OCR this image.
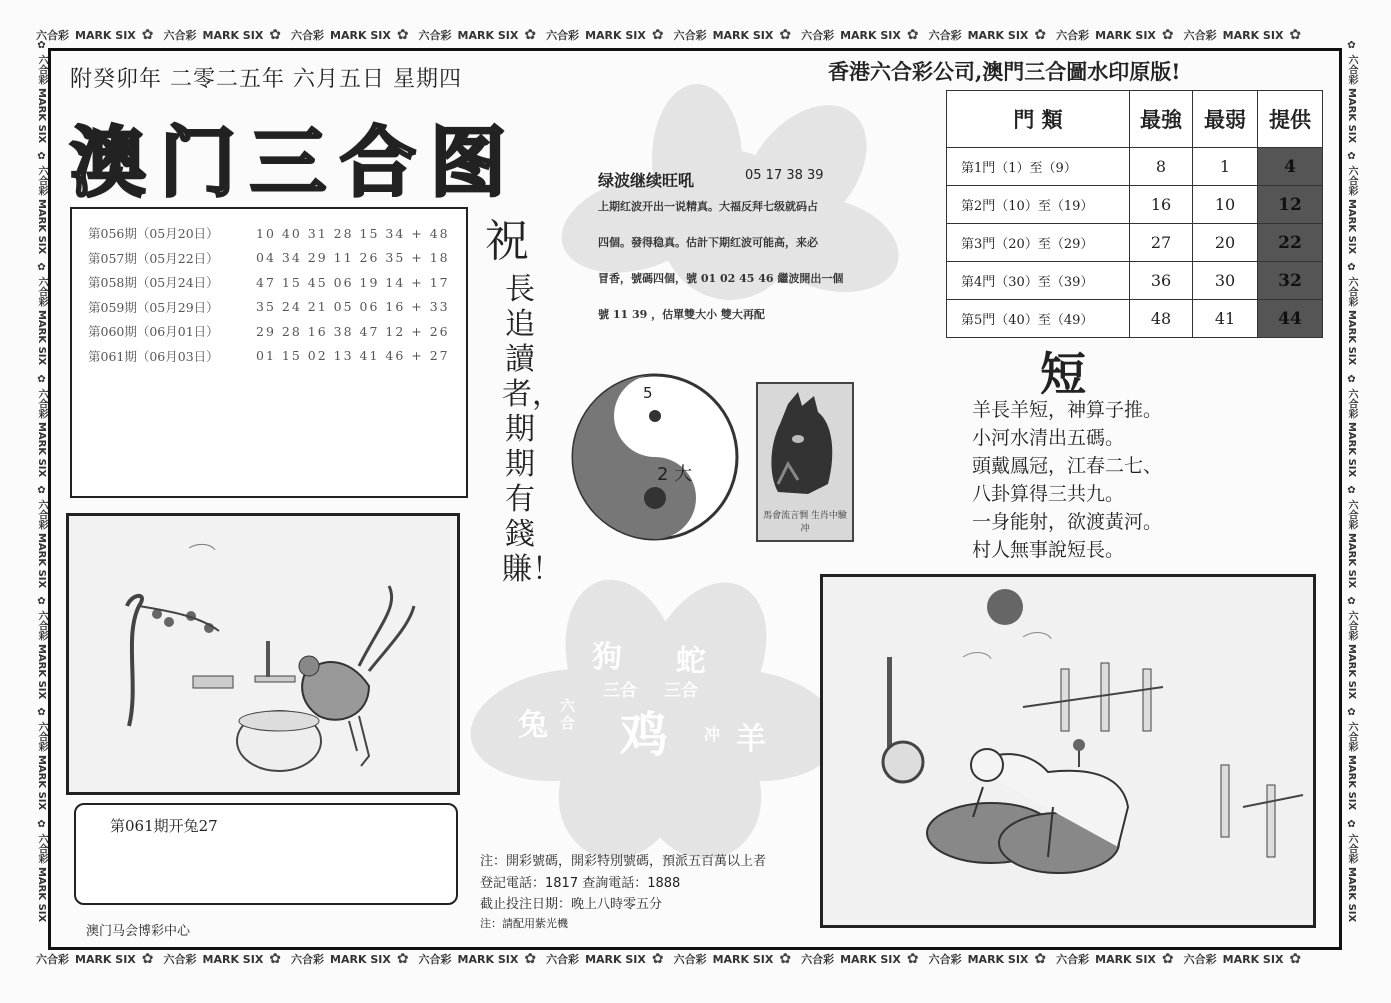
六合彩 MARK SIX ✿ 六合彩 MARK SIX ✿ 六合彩 MARK SIX ✿ 六合彩 MARK SIX ✿ 六合彩 MARK SIX ✿ 六合彩 MARK SIX ✿ 六合彩 MARK SIX ✿ 六合彩 MARK SIX ✿ 六合彩 MARK SIX ✿ 六合彩 MARK SIX ✿
六合彩 MARK SIX ✿ 六合彩 MARK SIX ✿ 六合彩 MARK SIX ✿ 六合彩 MARK SIX ✿ 六合彩 MARK SIX ✿ 六合彩 MARK SIX ✿ 六合彩 MARK SIX ✿ 六合彩 MARK SIX ✿ 六合彩 MARK SIX ✿ 六合彩 MARK SIX ✿
✿ 六合彩 MARK SIX
✿ 六合彩 MARK SIX
✿ 六合彩 MARK SIX
✿ 六合彩 MARK SIX
✿ 六合彩 MARK SIX
✿ 六合彩 MARK SIX
✿ 六合彩 MARK SIX
✿ 六合彩 MARK SIX
✿ 六合彩 MARK SIX
✿ 六合彩 MARK SIX
✿ 六合彩 MARK SIX
✿ 六合彩 MARK SIX
✿ 六合彩 MARK SIX
✿ 六合彩 MARK SIX
✿ 六合彩 MARK SIX
✿ 六合彩 MARK SIX
附癸卯年 二零二五年 六月五日 星期四
澳门三合图
香港六合彩公司,澳門三合圖水印原版!
第056期（05月20日）	10 40 31 28 15 34 + 48
第057期（05月22日）	04 34 29 11 26 35 + 18
第058期（05月24日）	47 15 45 06 19 14 + 17
第059期（05月29日）	35 24 21 05 06 16 + 33
第060期（06月01日）	29 28 16 38 47 12 + 26
第061期（06月03日）	01 15 02 13 41 46 + 27
祝
長追讀者，期期有錢賺！
绿波继续旺吼	05 17 38 39
上期红波开出一说精真。大福反拜七级就码占
四個。發得稳真。估計下期红波可能高，来必
冒香，號碼四個，號 01 02 45 46 繼波開出一個
號 11 39 ，估單雙大小 雙大再配
5
2 大
馬會流言惆 生肖中驗冲
狗 蛇
三合 三合
兔
六合 鸡 冲 羊
門 類	最強	最弱	提供
第1門（1）至（9）	8	1	4
第2門（10）至（19）	16	10	12
第3門（20）至（29）	27	20	22
第4門（30）至（39）	36	30	32
第5門（40）至（49）	48	41	44
短
羊長羊短，神算子推。
小河水清出五碼。
頭戴鳳冠，江春二七、
八卦算得三共九。
一身能射，欲渡黃河。
村人無事說短長。
第061期开兔27
澳门马会博彩中心
注：開彩號碼，開彩特別號碼，預派五百萬以上者
登記電話：1817 查詢電話：1888
截止投注日期：晚上八時零五分
注：請配用紫光機
